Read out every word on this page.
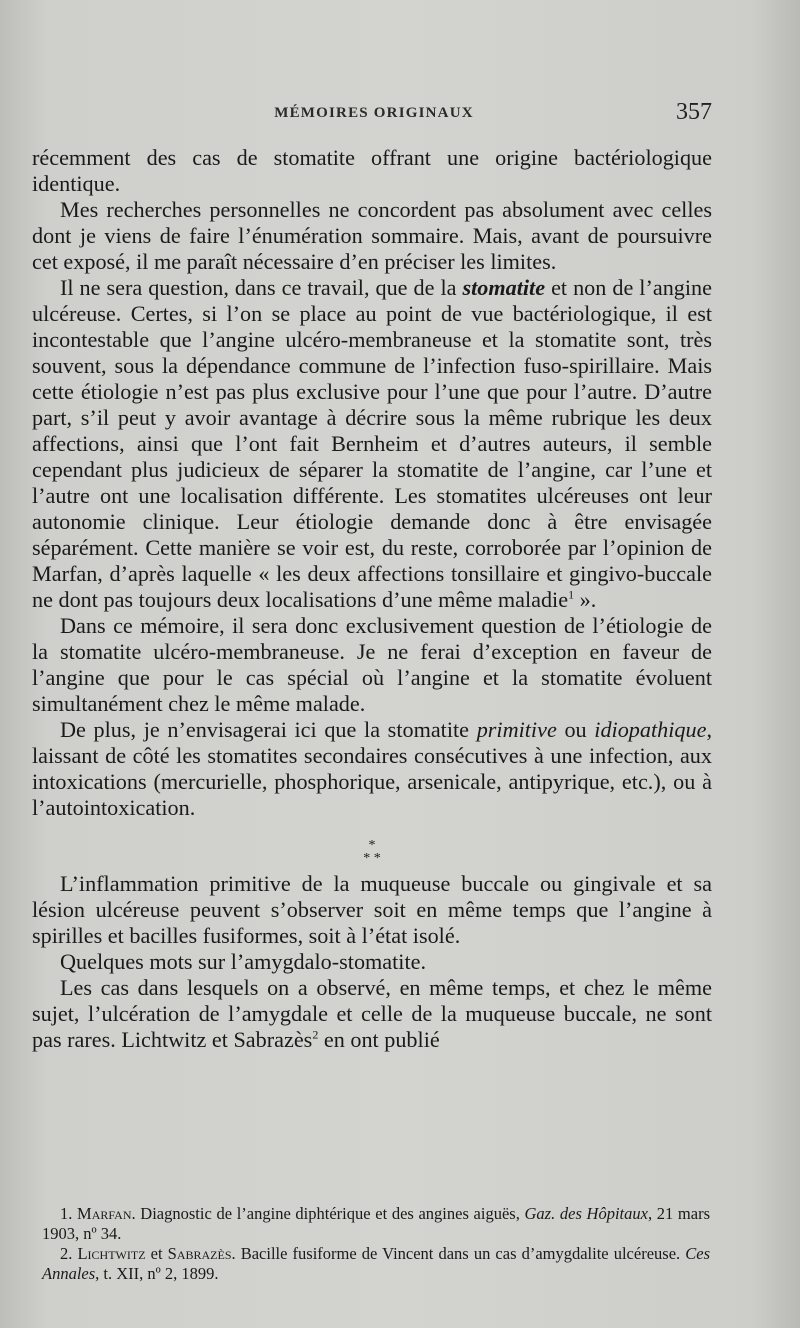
MÉMOIRES ORIGINAUX	357

récemment des cas de stomatite offrant une origine bactériologique identique.

Mes recherches personnelles ne concordent pas absolument avec celles dont je viens de faire l’énumération sommaire. Mais, avant de poursuivre cet exposé, il me paraît nécessaire d’en préciser les limites.

Il ne sera question, dans ce travail, que de la stomatite et non de l’angine ulcéreuse. Certes, si l’on se place au point de vue bactériologique, il est incontestable que l’angine ulcéro-membraneuse et la stomatite sont, très souvent, sous la dépendance commune de l’infection fuso-spirillaire. Mais cette étiologie n’est pas plus exclusive pour l’une que pour l’autre. D’autre part, s’il peut y avoir avantage à décrire sous la même rubrique les deux affections, ainsi que l’ont fait Bernheim et d’autres auteurs, il semble cependant plus judicieux de séparer la stomatite de l’angine, car l’une et l’autre ont une localisation différente. Les stomatites ulcéreuses ont leur autonomie clinique. Leur étiologie demande donc à être envisagée séparément. Cette manière se voir est, du reste, corroborée par l’opinion de Marfan, d’après laquelle « les deux affections tonsillaire et gingivo-buccale ne dont pas toujours deux localisations d’une même maladie$^1$ ».

Dans ce mémoire, il sera donc exclusivement question de l’étiologie de la stomatite ulcéro-membraneuse. Je ne ferai d’exception en faveur de l’angine que pour le cas spécial où l’angine et la stomatite évoluent simultanément chez le même malade.

De plus, je n’envisagerai ici que la stomatite primitive ou idiopathique, laissant de côté les stomatites secondaires consécutives à une infection, aux intoxications (mercurielle, phosphorique, arsenicale, antipyrique, etc.), ou à l’autointoxication.

*
* *

L’inflammation primitive de la muqueuse buccale ou gingivale et sa lésion ulcéreuse peuvent s’observer soit en même temps que l’angine à spirilles et bacilles fusiformes, soit à l’état isolé.

Quelques mots sur l’amygdalo-stomatite.

Les cas dans lesquels on a observé, en même temps, et chez le même sujet, l’ulcération de l’amygdale et celle de la muqueuse buccale, ne sont pas rares. Lichtwitz et Sabrazès$^2$ en ont publié

1. Marfan. Diagnostic de l’angine diphtérique et des angines aiguës, Gaz. des Hôpitaux, 21 mars 1903, nº 34.

2. Lichtwitz et Sabrazès. Bacille fusiforme de Vincent dans un cas d’amygdalite ulcéreuse. Ces Annales, t. XII, nº 2, 1899.
